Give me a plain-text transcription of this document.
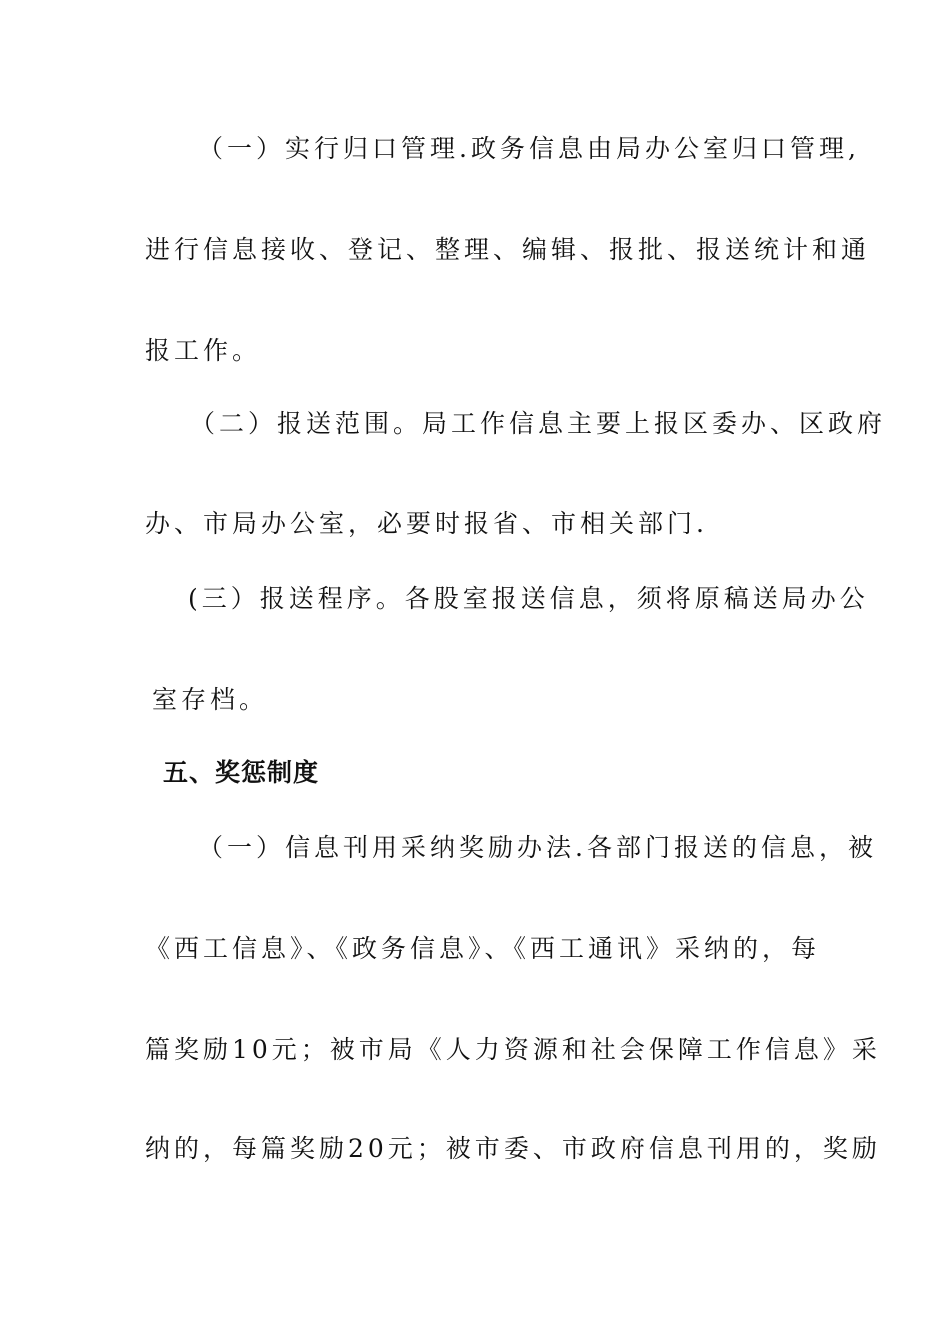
（一）实行归口管理.政务信息由局办公室归口管理,
进行信息接收、登记、整理、编辑、报批、报送统计和通
报工作。
（二）报送范围。局工作信息主要上报区委办、区政府
办、市局办公室，必要时报省、市相关部门.
(三）报送程序。各股室报送信息，须将原稿送局办公
室存档。
五、奖惩制度
（一）信息刊用采纳奖励办法.各部门报送的信息，被
《西工信息》、《政务信息》、《西工通讯》采纳的，每
篇奖励10元；被市局《人力资源和社会保障工作信息》采
纳的，每篇奖励20元；被市委、市政府信息刊用的，奖励
